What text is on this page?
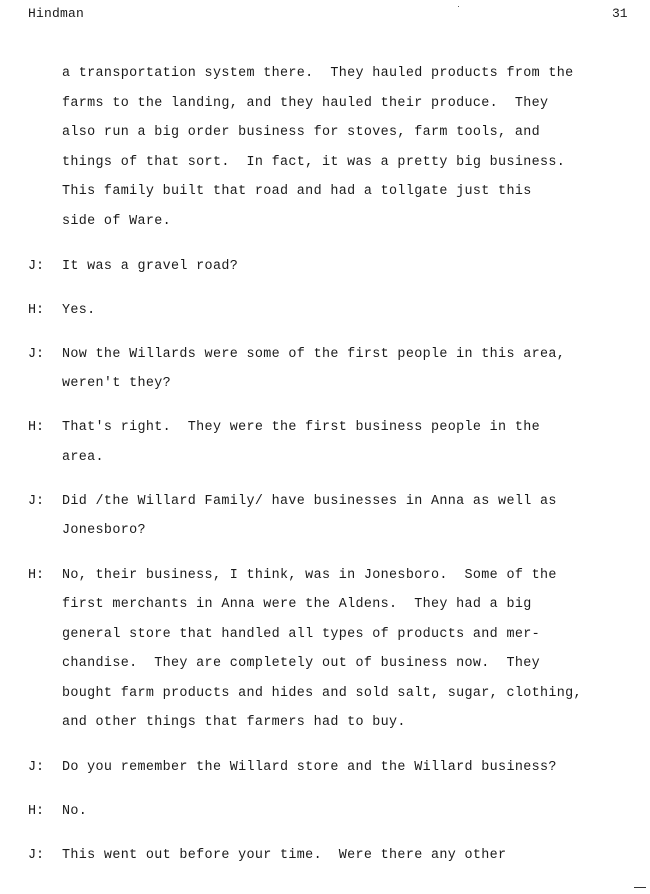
Hindman	31
a transportation system there.  They hauled products from the
farms to the landing, and they hauled their produce.  They
also run a big order business for stoves, farm tools, and
things of that sort.  In fact, it was a pretty big business.
This family built that road and had a tollgate just this
side of Ware.
J: It was a gravel road?
H: Yes.
J: Now the Willards were some of the first people in this area,
weren't they?
H: That's right.  They were the first business people in the
area.
J: Did /the Willard Family/ have businesses in Anna as well as
Jonesboro?
H: No, their business, I think, was in Jonesboro.  Some of the
first merchants in Anna were the Aldens.  They had a big
general store that handled all types of products and mer-
chandise.  They are completely out of business now.  They
bought farm products and hides and sold salt, sugar, clothing,
and other things that farmers had to buy.
J: Do you remember the Willard store and the Willard business?
H: No.
J: This went out before your time.  Were there any other
